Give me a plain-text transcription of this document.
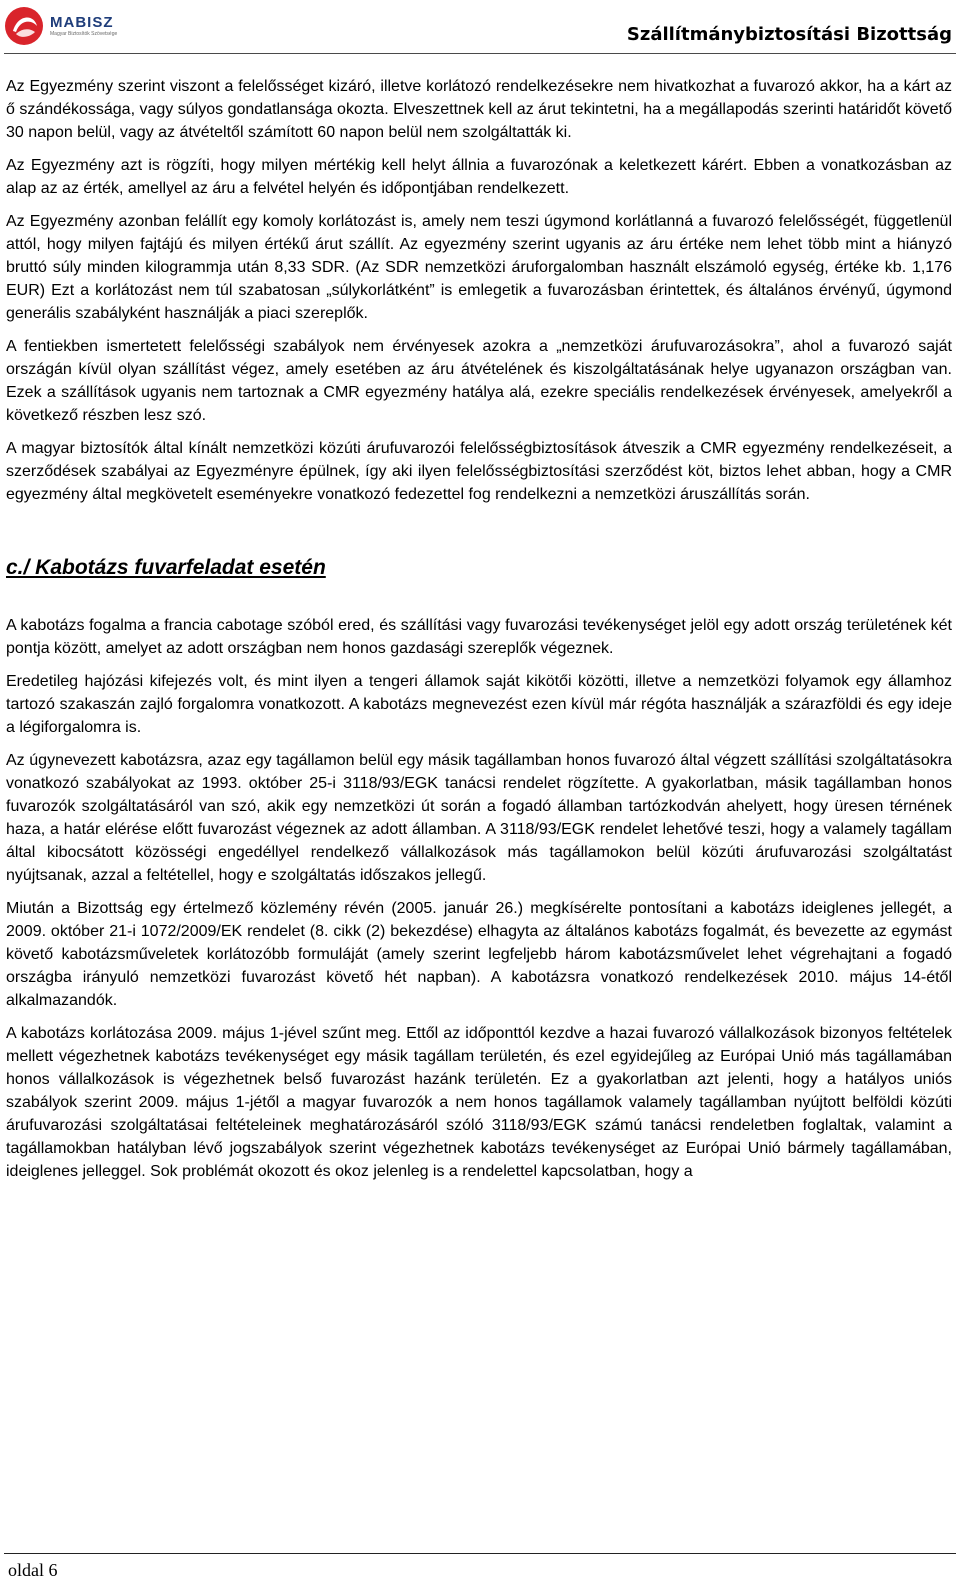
MABISZ
Magyar Biztosítók Szövetsége	Szállítmánybiztosítási Bizottság

Az Egyezmény szerint viszont a felelősséget kizáró, illetve korlátozó rendelkezésekre nem hivatkozhat a fuvarozó akkor, ha a kárt az ő szándékossága, vagy súlyos gondatlansága okozta. Elveszettnek kell az árut tekintetni, ha a megállapodás szerinti határidőt követő 30 napon belül, vagy az átvételtől számított 60 napon belül nem szolgáltatták ki.

Az Egyezmény azt is rögzíti, hogy milyen mértékig kell helyt állnia a fuvarozónak a keletkezett kárért. Ebben a vonatkozásban az alap az az érték, amellyel az áru a felvétel helyén és időpontjában rendelkezett.

Az Egyezmény azonban felállít egy komoly korlátozást is, amely nem teszi úgymond korlátlanná a fuvarozó felelősségét, függetlenül attól, hogy milyen fajtájú és milyen értékű árut szállít. Az egyezmény szerint ugyanis az áru értéke nem lehet több mint a hiányzó bruttó súly minden kilogrammja után 8,33 SDR. (Az SDR nemzetközi áruforgalomban használt elszámoló egység, értéke kb. 1,176 EUR) Ezt a korlátozást nem túl szabatosan „súlykorlátként” is emlegetik a fuvarozásban érintettek, és általános érvényű, úgymond generális szabályként használják a piaci szereplők.

A fentiekben ismertetett felelősségi szabályok nem érvényesek azokra a „nemzetközi árufuvarozásokra”, ahol a fuvarozó saját országán kívül olyan szállítást végez, amely esetében az áru átvételének és kiszolgáltatásának helye ugyanazon országban van. Ezek a szállítások ugyanis nem tartoznak a CMR egyezmény hatálya alá, ezekre speciális rendelkezések érvényesek, amelyekről a következő részben lesz szó.

A magyar biztosítók által kínált nemzetközi közúti árufuvarozói felelősségbiztosítások átveszik a CMR egyezmény rendelkezéseit, a szerződések szabályai az Egyezményre épülnek, így aki ilyen felelősségbiztosítási szerződést köt, biztos lehet abban, hogy a CMR egyezmény által megkövetelt eseményekre vonatkozó fedezettel fog rendelkezni a nemzetközi áruszállítás során.

c./ Kabotázs fuvarfeladat esetén

A kabotázs fogalma a francia cabotage szóból ered, és szállítási vagy fuvarozási tevékenységet jelöl egy adott ország területének két pontja között, amelyet az adott országban nem honos gazdasági szereplők végeznek.

Eredetileg hajózási kifejezés volt, és mint ilyen a tengeri államok saját kikötői közötti, illetve a nemzetközi folyamok egy államhoz tartozó szakaszán zajló forgalomra vonatkozott. A kabotázs megnevezést ezen kívül már régóta használják a szárazföldi és egy ideje a légiforgalomra is.

Az úgynevezett kabotázsra, azaz egy tagállamon belül egy másik tagállamban honos fuvarozó által végzett szállítási szolgáltatásokra vonatkozó szabályokat az 1993. október 25-i 3118/93/EGK tanácsi rendelet rögzítette. A gyakorlatban, másik tagállamban honos fuvarozók szolgáltatásáról van szó, akik egy nemzetközi út során a fogadó államban tartózkodván ahelyett, hogy üresen térnének haza, a határ elérése előtt fuvarozást végeznek az adott államban. A 3118/93/EGK rendelet lehetővé teszi, hogy a valamely tagállam által kibocsátott közösségi engedéllyel rendelkező vállalkozások más tagállamokon belül közúti árufuvarozási szolgáltatást nyújtsanak, azzal a feltétellel, hogy e szolgáltatás időszakos jellegű.

Miután a Bizottság egy értelmező közlemény révén (2005. január 26.) megkísérelte pontosítani a kabotázs ideiglenes jellegét, a 2009. október 21-i 1072/2009/EK rendelet (8. cikk (2) bekezdése) elhagyta az általános kabotázs fogalmát, és bevezette az egymást követő kabotázsműveletek korlátozóbb formuláját (amely szerint legfeljebb három kabotázsművelet lehet végrehajtani a fogadó országba irányuló nemzetközi fuvarozást követő hét napban). A kabotázsra vonatkozó rendelkezések 2010. május 14-étől alkalmazandók.

A kabotázs korlátozása 2009. május 1-jével szűnt meg. Ettől az időponttól kezdve a hazai fuvarozó vállalkozások bizonyos feltételek mellett végezhetnek kabotázs tevékenységet egy másik tagállam területén, és ezel egyidejűleg az Európai Unió más tagállamában honos vállalkozások is végezhetnek belső fuvarozást hazánk területén. Ez a gyakorlatban azt jelenti, hogy a hatályos uniós szabályok szerint 2009. május 1-jétől a magyar fuvarozók a nem honos tagállamok valamely tagállamban nyújtott belföldi közúti árufuvarozási szolgáltatásai feltételeinek meghatározásáról szóló 3118/93/EGK számú tanácsi rendeletben foglaltak, valamint a tagállamokban hatályban lévő jogszabályok szerint végezhetnek kabotázs tevékenységet az Európai Unió bármely tagállamában, ideiglenes jelleggel. Sok problémát okozott és okoz jelenleg is a rendelettel kapcsolatban, hogy a

oldal 6
